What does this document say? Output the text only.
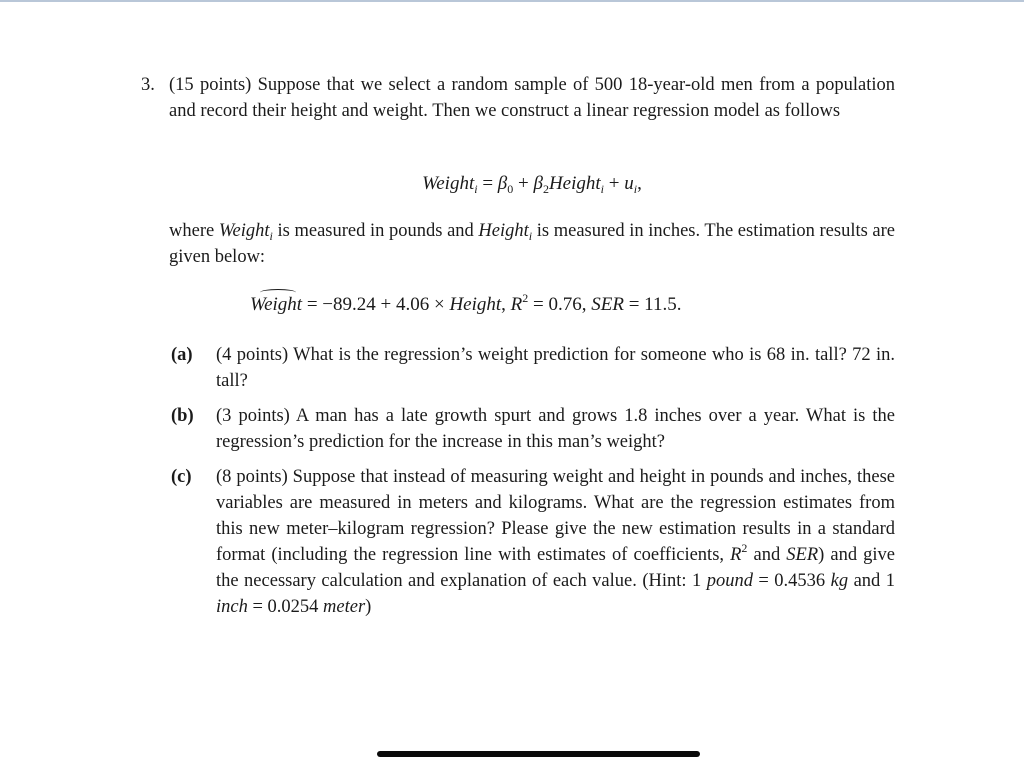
3. (15 points) Suppose that we select a random sample of 500 18-year-old men from a population and record their height and weight. Then we construct a linear regression model as follows
Weight$_i$ = $\beta_0$ + $\beta_2Height_i + u_i$,
where Weight$_i$ is measured in pounds and Height$_i$ is measured in inches. The estimation results are given below:
Weight = −89.24 + 4.06 × Height, $R^2 = 0.76$, SER = 11.5.
(a) (4 points) What is the regression’s weight prediction for someone who is 68 in. tall? 72 in. tall?
(b) (3 points) A man has a late growth spurt and grows 1.8 inches over a year. What is the regression’s prediction for the increase in this man’s weight?
(c) (8 points) Suppose that instead of measuring weight and height in pounds and inches, these variables are measured in meters and kilograms. What are the regression estimates from this new meter–kilogram regression? Please give the new estimation results in a standard format (including the regression line with estimates of coefficients, $R^2$ and SER) and give the necessary calculation and explanation of each value. (Hint: 1 pound = 0.4536 kg and 1 inch = 0.0254 meter)
